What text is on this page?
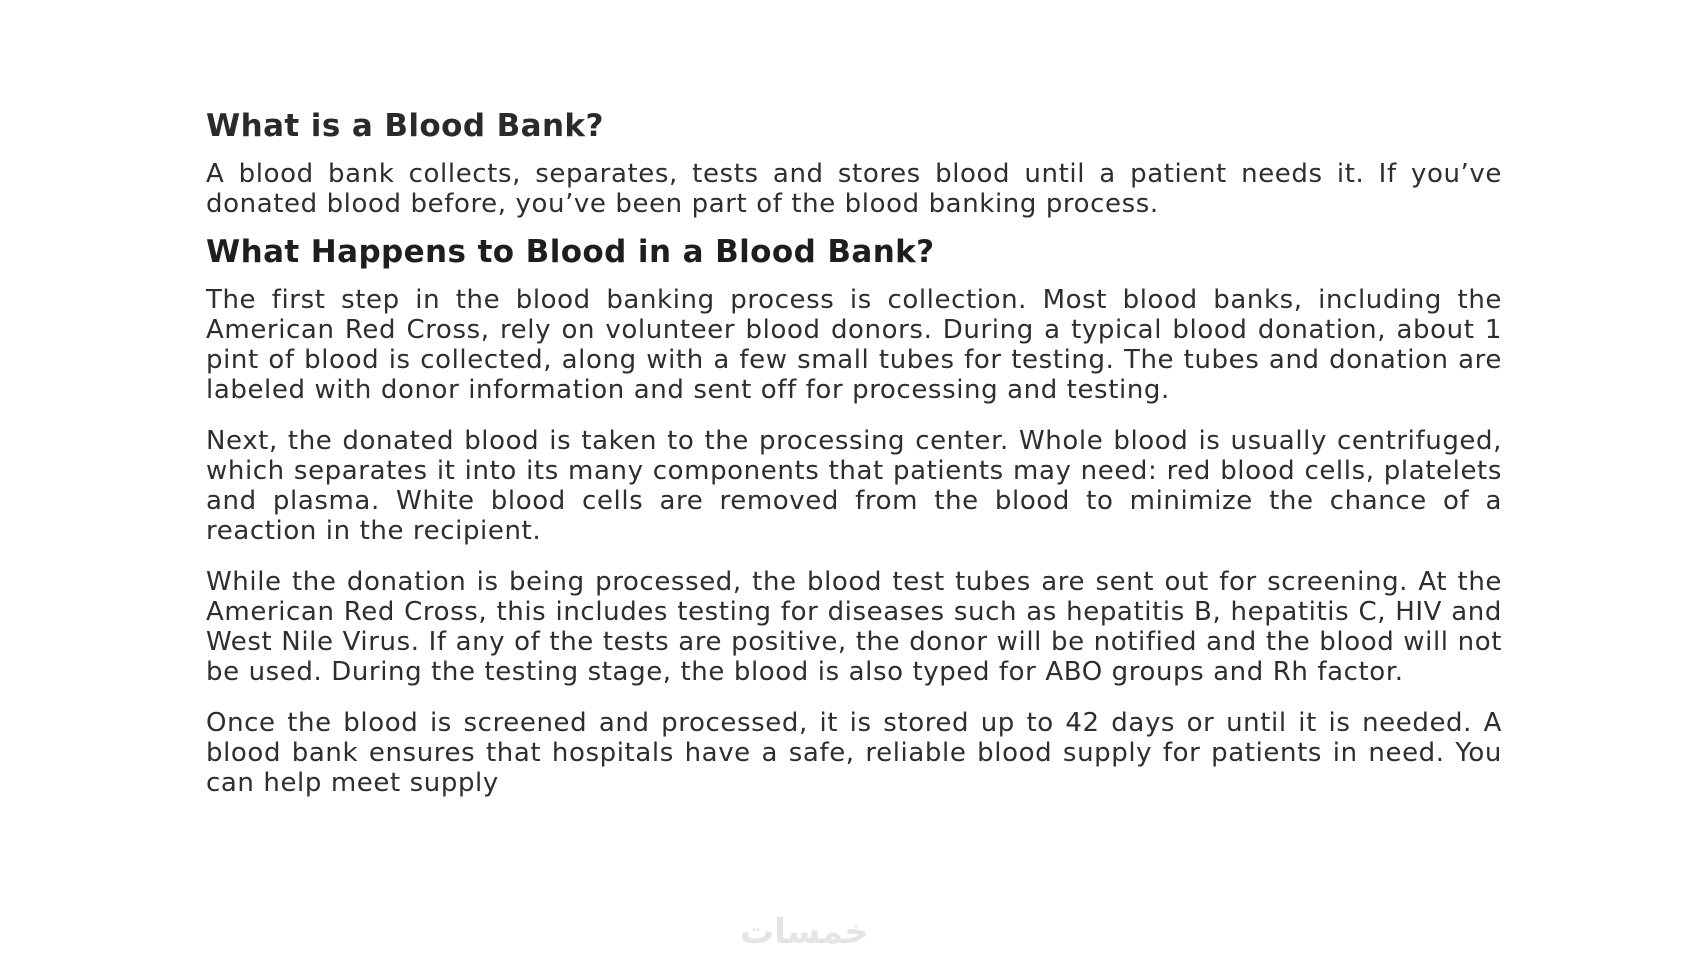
What is a Blood Bank?

A blood bank collects, separates, tests and stores blood until a patient needs it. If you’ve donated blood before, you’ve been part of the blood banking process.

What Happens to Blood in a Blood Bank?

The first step in the blood banking process is collection. Most blood banks, including the American Red Cross, rely on volunteer blood donors. During a typical blood donation, about 1 pint of blood is collected, along with a few small tubes for testing. The tubes and donation are labeled with donor information and sent off for processing and testing.

Next, the donated blood is taken to the processing center. Whole blood is usually centrifuged, which separates it into its many components that patients may need: red blood cells, platelets and plasma. White blood cells are removed from the blood to minimize the chance of a reaction in the recipient.

While the donation is being processed, the blood test tubes are sent out for screening. At the American Red Cross, this includes testing for diseases such as hepatitis B, hepatitis C, HIV and West Nile Virus. If any of the tests are positive, the donor will be notified and the blood will not be used. During the testing stage, the blood is also typed for ABO groups and Rh factor.

Once the blood is screened and processed, it is stored up to 42 days or until it is needed. A blood bank ensures that hospitals have a safe, reliable blood supply for patients in need. You can help meet supply

خمسات
